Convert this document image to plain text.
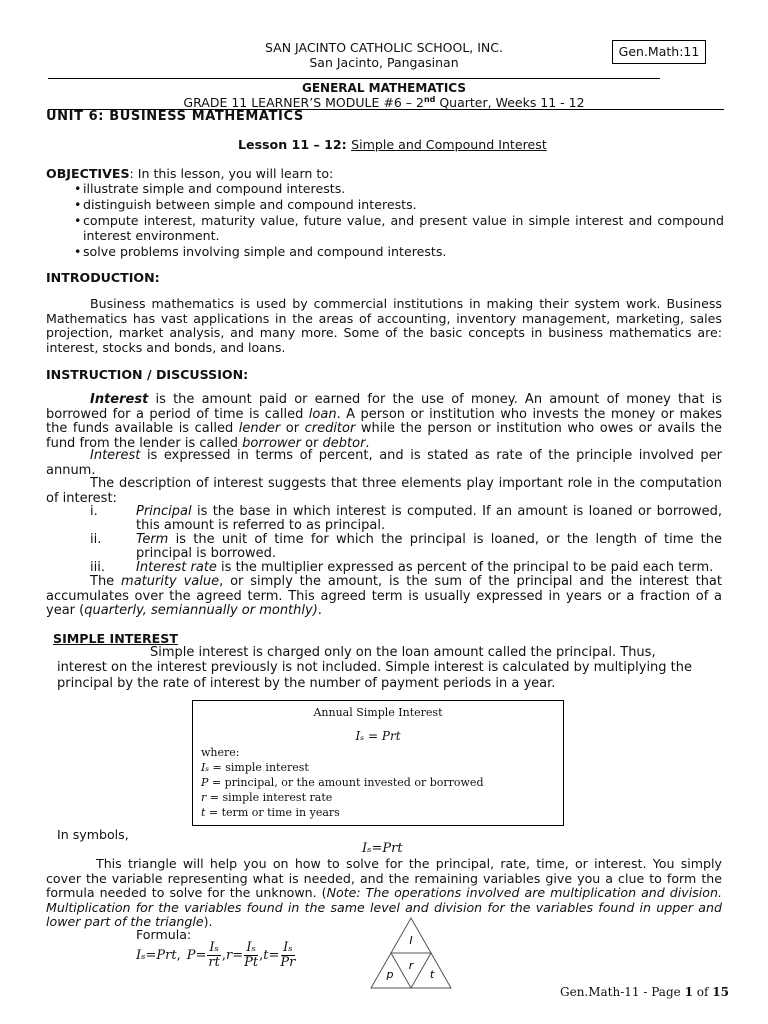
SAN JACINTO CATHOLIC SCHOOL, INC.
San Jacinto, Pangasinan
Gen.Math:11
GENERAL MATHEMATICS
GRADE 11 LEARNER’S MODULE #6 – 2nd Quarter, Weeks 11 - 12
UNIT 6: BUSINESS MATHEMATICS
Lesson 11 – 12: Simple and Compound Interest
OBJECTIVES: In this lesson, you will learn to:
• illustrate simple and compound interests.
• distinguish between simple and compound interests.
• compute interest, maturity value, future value, and present value in simple interest and compound interest environment.
• solve problems involving simple and compound interests.
INTRODUCTION:

Business mathematics is used by commercial institutions in making their system work. Business Mathematics has vast applications in the areas of accounting, inventory management, marketing, sales projection, market analysis, and many more. Some of the basic concepts in business mathematics are: interest, stocks and bonds, and loans.

INSTRUCTION / DISCUSSION:

Interest is the amount paid or earned for the use of money. An amount of money that is borrowed for a period of time is called loan. A person or institution who invests the money or makes the funds available is called lender or creditor while the person or institution who owes or avails the fund from the lender is called borrower or debtor.

Interest is expressed in terms of percent, and is stated as rate of the principle involved per annum.

The description of interest suggests that three elements play important role in the computation of interest:

i.	Principal is the base in which interest is computed. If an amount is loaned or borrowed, this amount is referred to as principal.
ii.	Term is the unit of time for which the principal is loaned, or the length of time the principal is borrowed.
iii.	Interest rate is the multiplier expressed as percent of the principal to be paid each term.

The maturity value, or simply the amount, is the sum of the principal and the interest that accumulates over the agreed term. This agreed term is usually expressed in years or a fraction of a year (quarterly, semiannually or monthly).

SIMPLE INTEREST
Simple interest is charged only on the loan amount called the principal. Thus,
interest on the interest previously is not included. Simple interest is calculated by multiplying the
principal by the rate of interest by the number of payment periods in a year.
Annual Simple Interest
Iₛ = Prt
where:
Iₛ = simple interest
P = principal, or the amount invested or borrowed
r = simple interest rate
t = term or time in years
In symbols,
Iₛ=Prt

This triangle will help you on how to solve for the principal, rate, time, or interest. You simply cover the variable representing what is needed, and the remaining variables give you a clue to form the formula needed to solve for the unknown. (Note: The operations involved are multiplication and division. Multiplication for the variables found in the same level and division for the variables found in upper and lower part of the triangle).

Formula:
Iₛ=Prt , $P= \frac{\text{Iₛ}}{rt}$ , $r= \frac{\text{Iₛ}}{Pt}$ , $t= \frac{\text{Iₛ}}{Pr}$	I
p
r
t
Gen.Math-11 - Page 1 of 15
